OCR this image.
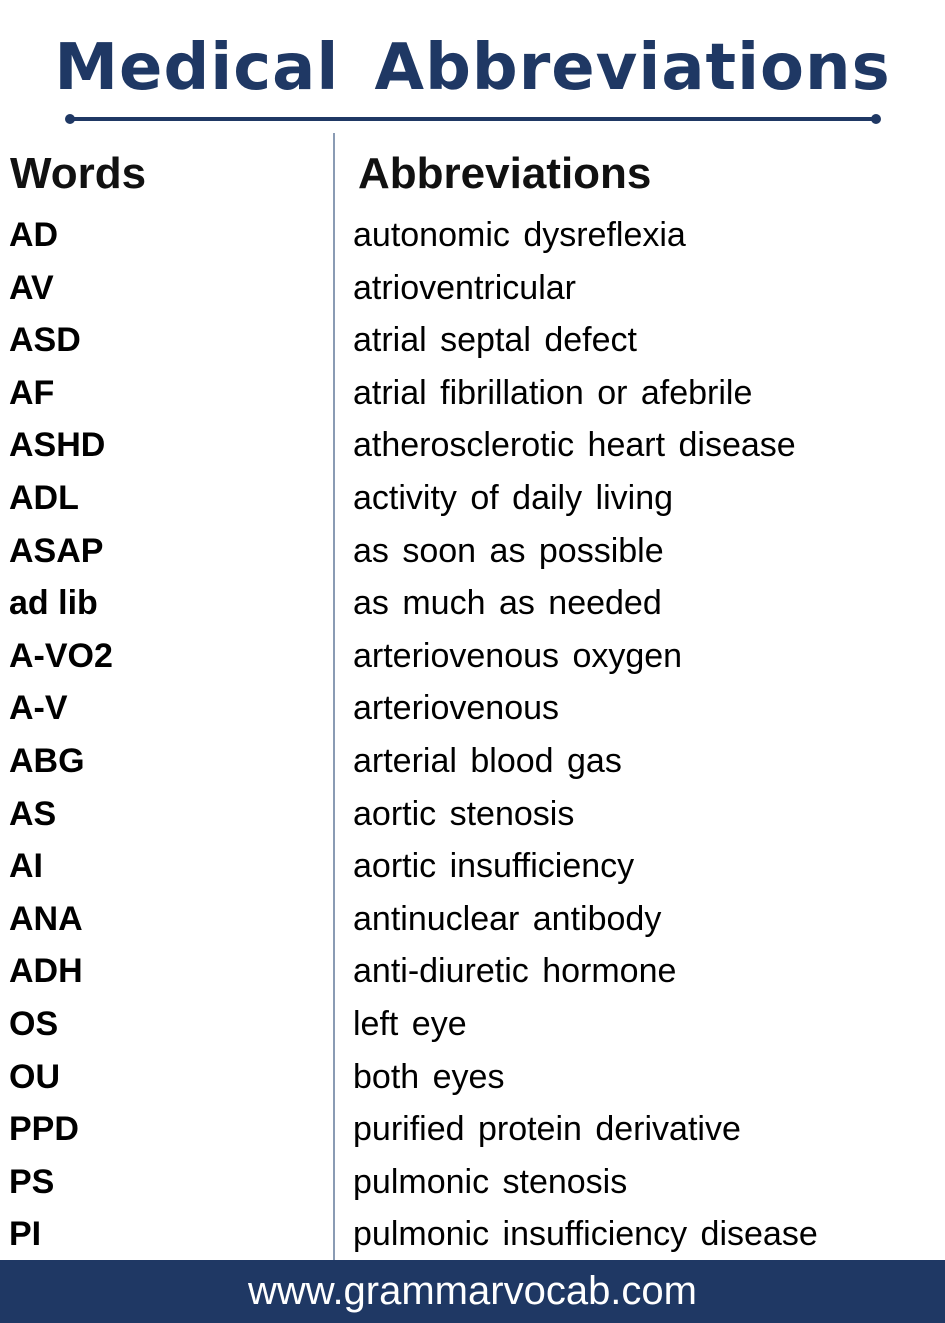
Medical Abbreviations
Words	Abbreviations
AD	autonomic dysreflexia
AV	atrioventricular
ASD	atrial septal defect
AF	atrial fibrillation or afebrile
ASHD	atherosclerotic heart disease
ADL	activity of daily living
ASAP	as soon as possible
ad lib	as much as needed
A-VO2	arteriovenous oxygen
A-V	arteriovenous
ABG	arterial blood gas
AS	aortic stenosis
AI	aortic insufficiency
ANA	antinuclear antibody
ADH	anti-diuretic hormone
OS	left eye
OU	both eyes
PPD	purified protein derivative
PS	pulmonic stenosis
PI	pulmonic insufficiency disease
www.grammarvocab.com
